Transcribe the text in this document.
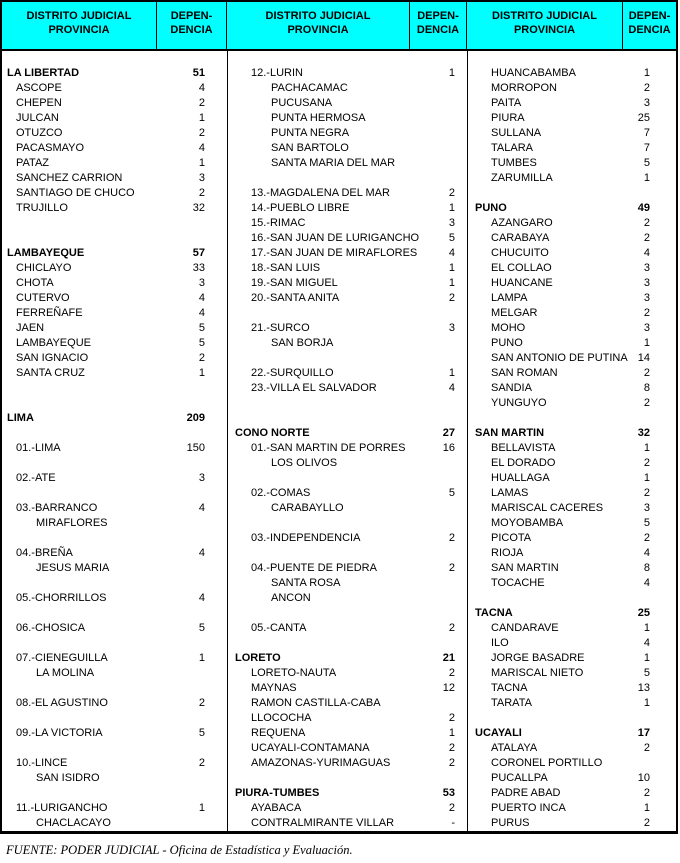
DISTRITO JUDICIAL
PROVINCIA
DEPEN-
DENCIA
DISTRITO JUDICIAL
PROVINCIA
DEPEN-
DENCIA
DISTRITO JUDICIAL
PROVINCIA
DEPEN-
DENCIA
LA LIBERTAD	51
ASCOPE	4
CHEPEN	2
JULCAN	1
OTUZCO	2
PACASMAYO	4
PATAZ	1
SANCHEZ CARRION	3
SANTIAGO DE CHUCO	2
TRUJILLO	32
LAMBAYEQUE	57
CHICLAYO	33
CHOTA	3
CUTERVO	4
FERREÑAFE	4
JAEN	5
LAMBAYEQUE	5
SAN IGNACIO	2
SANTA CRUZ	1
LIMA	209
01.-LIMA	150
02.-ATE	3
03.-BARRANCO	4
MIRAFLORES
04.-BREÑA	4
JESUS MARIA
05.-CHORRILLOS	4
06.-CHOSICA	5
07.-CIENEGUILLA	1
LA MOLINA
08.-EL AGUSTINO	2
09.-LA VICTORIA	5
10.-LINCE	2
SAN ISIDRO
11.-LURIGANCHO	1
CHACLACAYO
12.-LURIN	1
PACHACAMAC
PUCUSANA
PUNTA HERMOSA
PUNTA NEGRA
SAN BARTOLO
SANTA MARIA DEL MAR
13.-MAGDALENA DEL MAR	2
14.-PUEBLO LIBRE	1
15.-RIMAC	3
16.-SAN JUAN DE LURIGANCHO	5
17.-SAN JUAN DE MIRAFLORES	4
18.-SAN LUIS	1
19.-SAN MIGUEL	1
20.-SANTA ANITA	2
21.-SURCO	3
SAN BORJA
22.-SURQUILLO	1
23.-VILLA EL SALVADOR	4
CONO NORTE	27
01.-SAN MARTIN DE PORRES	16
LOS OLIVOS
02.-COMAS	5
CARABAYLLO
03.-INDEPENDENCIA	2
04.-PUENTE DE PIEDRA	2
SANTA ROSA
ANCON
05.-CANTA	2
LORETO	21
LORETO-NAUTA	2
MAYNAS	12
RAMON CASTILLA-CABA
LLOCOCHA	2
REQUENA	1
UCAYALI-CONTAMANA	2
AMAZONAS-YURIMAGUAS	2
PIURA-TUMBES	53
AYABACA	2
CONTRALMIRANTE VILLAR	-
HUANCABAMBA	1
MORROPON	2
PAITA	3
PIURA	25
SULLANA	7
TALARA	7
TUMBES	5
ZARUMILLA	1
PUNO	49
AZANGARO	2
CARABAYA	2
CHUCUITO	4
EL COLLAO	3
HUANCANE	3
LAMPA	3
MELGAR	2
MOHO	3
PUNO	1
SAN ANTONIO DE PUTINA 14
SAN ROMAN	2
SANDIA	8
YUNGUYO	2
SAN MARTIN	32
BELLAVISTA	1
EL DORADO	2
HUALLAGA	1
LAMAS	2
MARISCAL CACERES	3
MOYOBAMBA	5
PICOTA	2
RIOJA	4
SAN MARTIN	8
TOCACHE	4
TACNA	25
CANDARAVE	1
ILO	4
JORGE BASADRE	1
MARISCAL NIETO	5
TACNA	13
TARATA	1
UCAYALI	17
ATALAYA	2
CORONEL PORTILLO
PUCALLPA	10
PADRE ABAD	2
PUERTO INCA	1
PURUS	2
FUENTE: PODER JUDICIAL - Oficina de Estadística y Evaluación.
